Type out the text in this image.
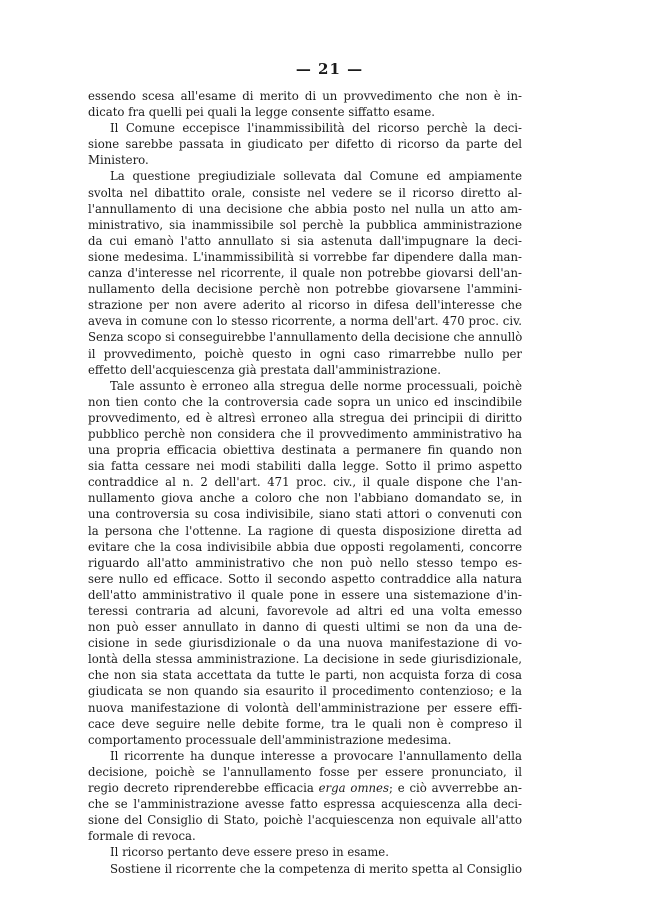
— 21 —
essendo scesa all'esame di merito di un provvedimento che non è in-
dicato fra quelli pei quali la legge consente siffatto esame.
Il Comune eccepisce l'inammissibilità del ricorso perchè la deci-
sione sarebbe passata in giudicato per difetto di ricorso da parte del
Ministero.
La questione pregiudiziale sollevata dal Comune ed ampiamente
svolta nel dibattito orale, consiste nel vedere se il ricorso diretto al-
l'annullamento di una decisione che abbia posto nel nulla un atto am-
ministrativo, sia inammissibile sol perchè la pubblica amministrazione
da cui emanò l'atto annullato si sia astenuta dall'impugnare la deci-
sione medesima. L'inammissibilità si vorrebbe far dipendere dalla man-
canza d'interesse nel ricorrente, il quale non potrebbe giovarsi dell'an-
nullamento della decisione perchè non potrebbe giovarsene l'ammini-
strazione per non avere aderito al ricorso in difesa dell'interesse che
aveva in comune con lo stesso ricorrente, a norma dell'art. 470 proc. civ.
Senza scopo si conseguirebbe l'annullamento della decisione che annullò
il provvedimento, poichè questo in ogni caso rimarrebbe nullo per
effetto dell'acquiescenza già prestata dall'amministrazione.
Tale assunto è erroneo alla stregua delle norme processuali, poichè
non tien conto che la controversia cade sopra un unico ed inscindibile
provvedimento, ed è altresì erroneo alla stregua dei principii di diritto
pubblico perchè non considera che il provvedimento amministrativo ha
una propria efficacia obiettiva destinata a permanere fin quando non
sia fatta cessare nei modi stabiliti dalla legge. Sotto il primo aspetto
contraddice al n. 2 dell'art. 471 proc. civ., il quale dispone che l'an-
nullamento giova anche a coloro che non l'abbiano domandato se, in
una controversia su cosa indivisibile, siano stati attori o convenuti con
la persona che l'ottenne. La ragione di questa disposizione diretta ad
evitare che la cosa indivisibile abbia due opposti regolamenti, concorre
riguardo all'atto amministrativo che non può nello stesso tempo es-
sere nullo ed efficace. Sotto il secondo aspetto contraddice alla natura
dell'atto amministrativo il quale pone in essere una sistemazione d'in-
teressi contraria ad alcuni, favorevole ad altri ed una volta emesso
non può esser annullato in danno di questi ultimi se non da una de-
cisione in sede giurisdizionale o da una nuova manifestazione di vo-
lontà della stessa amministrazione. La decisione in sede giurisdizionale,
che non sia stata accettata da tutte le parti, non acquista forza di cosa
giudicata se non quando sia esaurito il procedimento contenzioso; e la
nuova manifestazione di volontà dell'amministrazione per essere effi-
cace deve seguire nelle debite forme, tra le quali non è compreso il
comportamento processuale dell'amministrazione medesima.
Il ricorrente ha dunque interesse a provocare l'annullamento della
decisione, poichè se l'annullamento fosse per essere pronunciato, il
regio decreto riprenderebbe efficacia erga omnes; e ciò avverrebbe an-
che se l'amministrazione avesse fatto espressa acquiescenza alla deci-
sione del Consiglio di Stato, poichè l'acquiescenza non equivale all'atto
formale di revoca.
Il ricorso pertanto deve essere preso in esame.
Sostiene il ricorrente che la competenza di merito spetta al Consiglio
